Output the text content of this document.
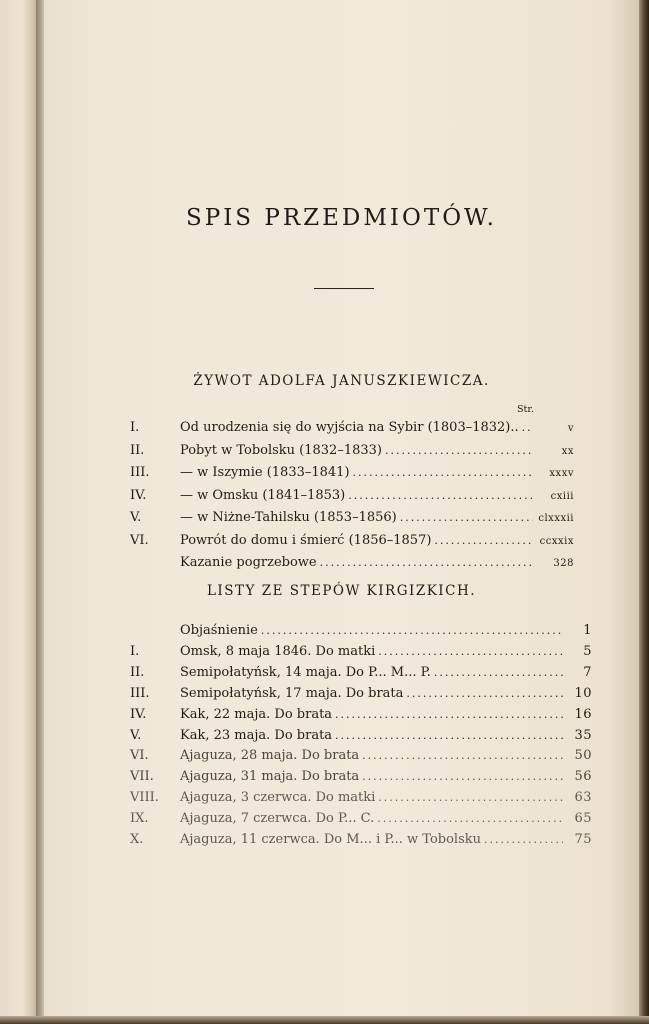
SPIS PRZEDMIOTÓW.
ŻYWOT ADOLFA JANUSZKIEWICZA.
Str.
I.	Od urodzenia się do wyjścia na Sybir (1803–1832).. .....	v
II.	Pobyt w Tobolsku (1832–1833) .....	xx
III.	— w Iszymie (1833–1841) .....	xxxv
IV.	— w Omsku (1841–1853) .....	cxiii
V.	— w Niżne-Tahilsku (1853–1856) .....	clxxxii
VI.	Powrót do domu i śmierć (1856–1857) .....	ccxxix
Kazanie pogrzebowe .....	328
LISTY ZE STEPÓW KIRGIZKICH.
Objaśnienie .....	1
I.	Omsk, 8 maja 1846. Do matki .....	5
II.	Semipołatyńsk, 14 maja. Do P... M... P. .....	7
III.	Semipołatyńsk, 17 maja. Do brata .....	10
IV.	Kak, 22 maja. Do brata .....	16
V.	Kak, 23 maja. Do brata .....	35
VI.	Ajaguza, 28 maja. Do brata .....	50
VII.	Ajaguza, 31 maja. Do brata .....	56
VIII.	Ajaguza, 3 czerwca. Do matki .....	63
IX.	Ajaguza, 7 czerwca. Do P... C. .....	65
X.	Ajaguza, 11 czerwca. Do M... i P... w Tobolsku .....	75
